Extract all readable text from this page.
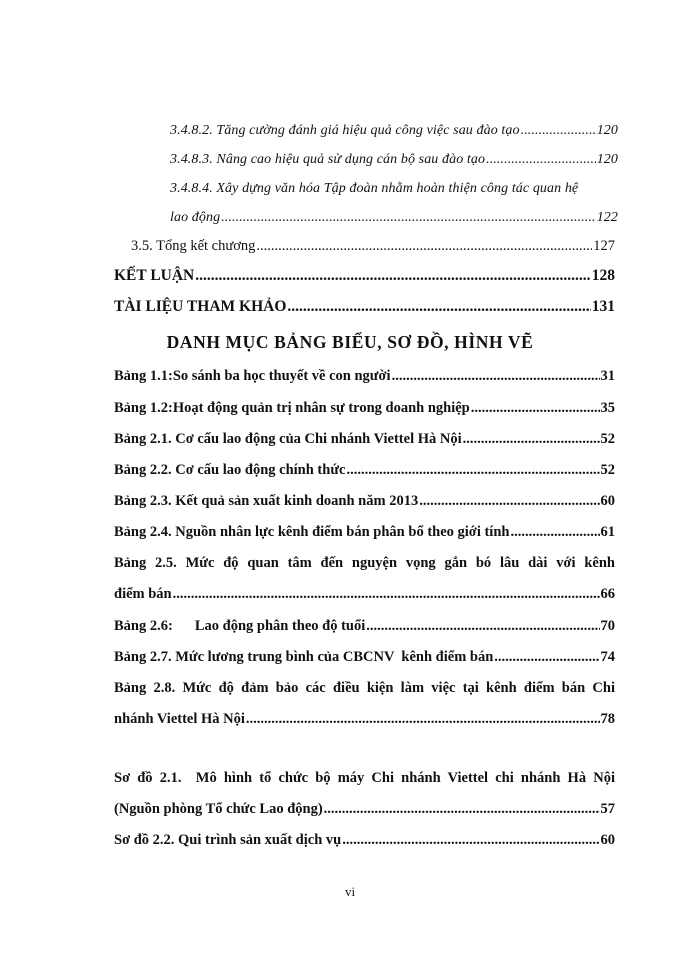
3.4.8.2. Tăng cường đánh giá hiệu quả công việc sau đào tạo .....	120
3.4.8.3. Nâng cao hiệu quả sử dụng cán bộ sau đào tạo .....	120
3.4.8.4. Xây dựng văn hóa Tập đoàn nhằm hoàn thiện công tác quan hệ
lao động .....	122
3.5. Tổng kết chương .....	127
KẾT LUẬN .....	128
TÀI LIỆU THAM KHẢO .....	131
DANH MỤC BẢNG BIỂU, SƠ ĐỒ, HÌNH VẼ
Bảng 1.1:So sánh ba học thuyết về con người .....	31
Bảng 1.2:Hoạt động quản trị nhân sự trong doanh nghiệp .....	35
Bảng 2.1. Cơ cấu lao động của Chi nhánh Viettel Hà Nội .....	52
Bảng 2.2. Cơ cấu lao động chính thức .....	52
Bảng 2.3. Kết quả sản xuất kinh doanh năm 2013 .....	60
Bảng 2.4. Nguồn nhân lực kênh điểm bán phân bổ theo giới tính .....	61
Bảng 2.5. Mức độ quan tâm đến nguyện vọng gắn bó lâu dài với kênh
điểm bán .....	66
Bảng 2.6: Lao động phân theo độ tuổi .....	70
Bảng 2.7. Mức lương trung bình của CBCNV  kênh điểm bán .....	74
Bảng 2.8. Mức độ đảm bảo các điều kiện làm việc tại kênh điểm bán Chi
nhánh Viettel Hà Nội .....	78
Sơ đồ 2.1.  Mô hình tổ chức bộ máy Chi nhánh Viettel chi nhánh Hà Nội
(Nguồn phòng Tổ chức Lao động) .....	57
Sơ đồ 2.2. Qui trình sản xuất dịch vụ .....	60
vi
